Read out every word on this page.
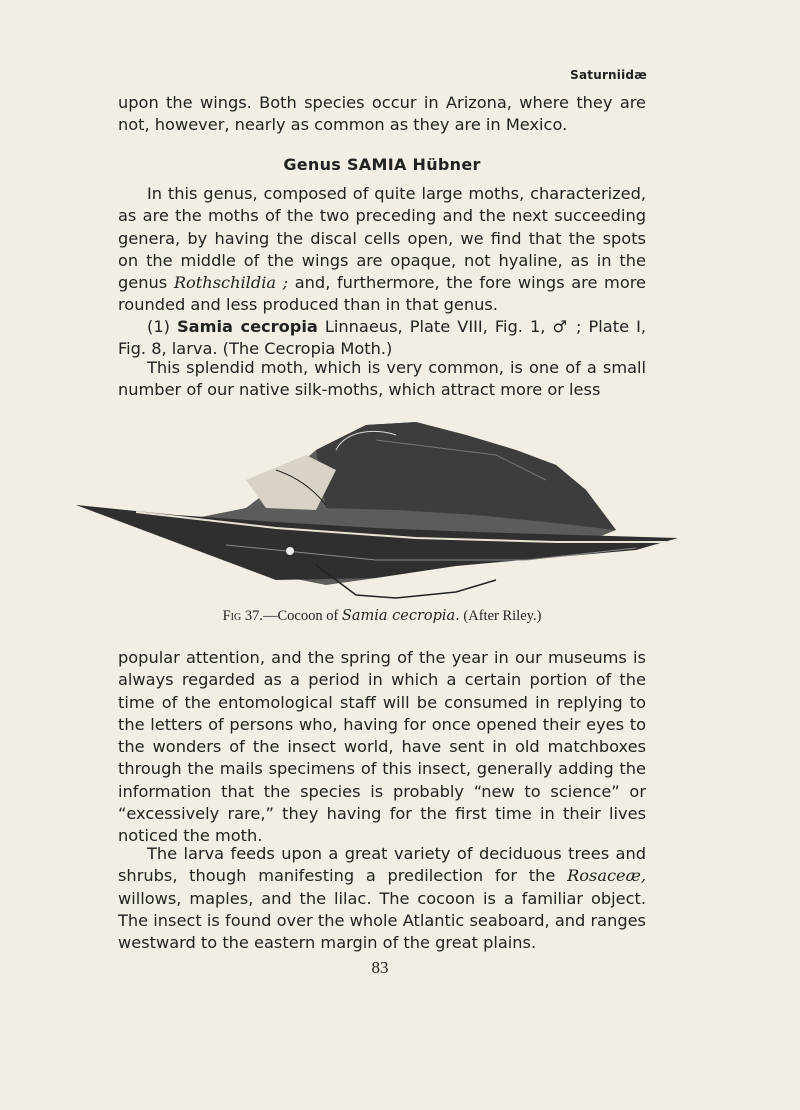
Saturniidæ

upon the wings. Both species occur in Arizona, where they are not, however, nearly as common as they are in Mexico.

Genus SAMIA Hübner

In this genus, composed of quite large moths, characterized, as are the moths of the two preceding and the next succeeding genera, by having the discal cells open, we find that the spots on the middle of the wings are opaque, not hyaline, as in the genus Rothschildia ; and, furthermore, the fore wings are more rounded and less produced than in that genus.

(1) Samia cecropia Linnaeus, Plate VIII, Fig. 1, ♂ ; Plate I, Fig. 8, larva. (The Cecropia Moth.)

This splendid moth, which is very common, is one of a small number of our native silk-moths, which attract more or less

Fig 37.—Cocoon of Samia cecropia. (After Riley.)

popular attention, and the spring of the year in our museums is always regarded as a period in which a certain portion of the time of the entomological staff will be consumed in replying to the letters of persons who, having for once opened their eyes to the wonders of the insect world, have sent in old matchboxes through the mails specimens of this insect, generally adding the information that the species is probably “new to science” or “excessively rare,” they having for the first time in their lives noticed the moth.

The larva feeds upon a great variety of deciduous trees and shrubs, though manifesting a predilection for the Rosaceæ, willows, maples, and the lilac. The cocoon is a familiar object. The insect is found over the whole Atlantic seaboard, and ranges westward to the eastern margin of the great plains.

83
